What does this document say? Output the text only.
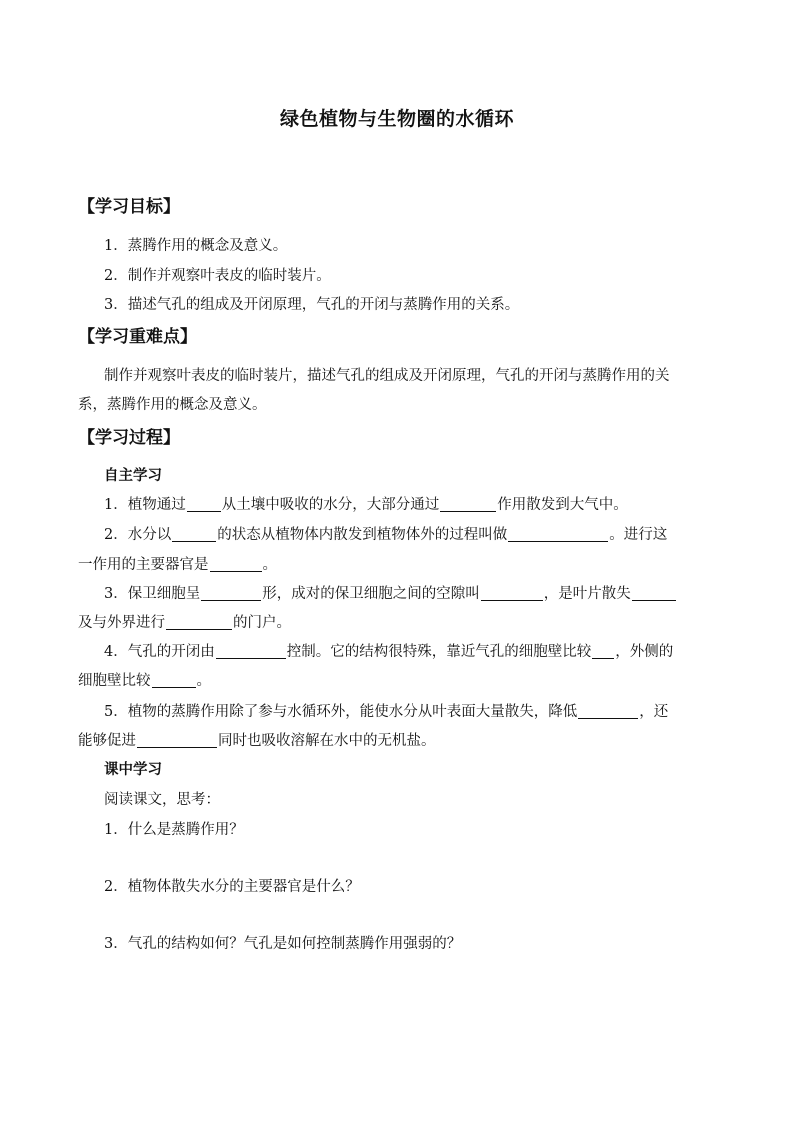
绿色植物与生物圈的水循环
【学习目标】
1．蒸腾作用的概念及意义。
2．制作并观察叶表皮的临时装片。
3．描述气孔的组成及开闭原理，气孔的开闭与蒸腾作用的关系。
【学习重难点】
制作并观察叶表皮的临时装片，描述气孔的组成及开闭原理，气孔的开闭与蒸腾作用的关
系，蒸腾作用的概念及意义。
【学习过程】
自主学习
1．植物通过 从土壤中吸收的水分，大部分通过	作用散发到大气中。
2．水分以	的状态从植物体内散发到植物体外的过程叫做	。进行这
一作用的主要器官是	。
3．保卫细胞呈	形，成对的保卫细胞之间的空隙叫	，是叶片散失
及与外界进行	的门户。
4．气孔的开闭由	控制。它的结构很特殊，靠近气孔的细胞壁比较 ，外侧的
细胞壁比较	。
5．植物的蒸腾作用除了参与水循环外，能使水分从叶表面大量散失，降低	，还
能够促进	同时也吸收溶解在水中的无机盐。
课中学习
阅读课文，思考：
1．什么是蒸腾作用？
2．植物体散失水分的主要器官是什么？
3．气孔的结构如何？气孔是如何控制蒸腾作用强弱的？
